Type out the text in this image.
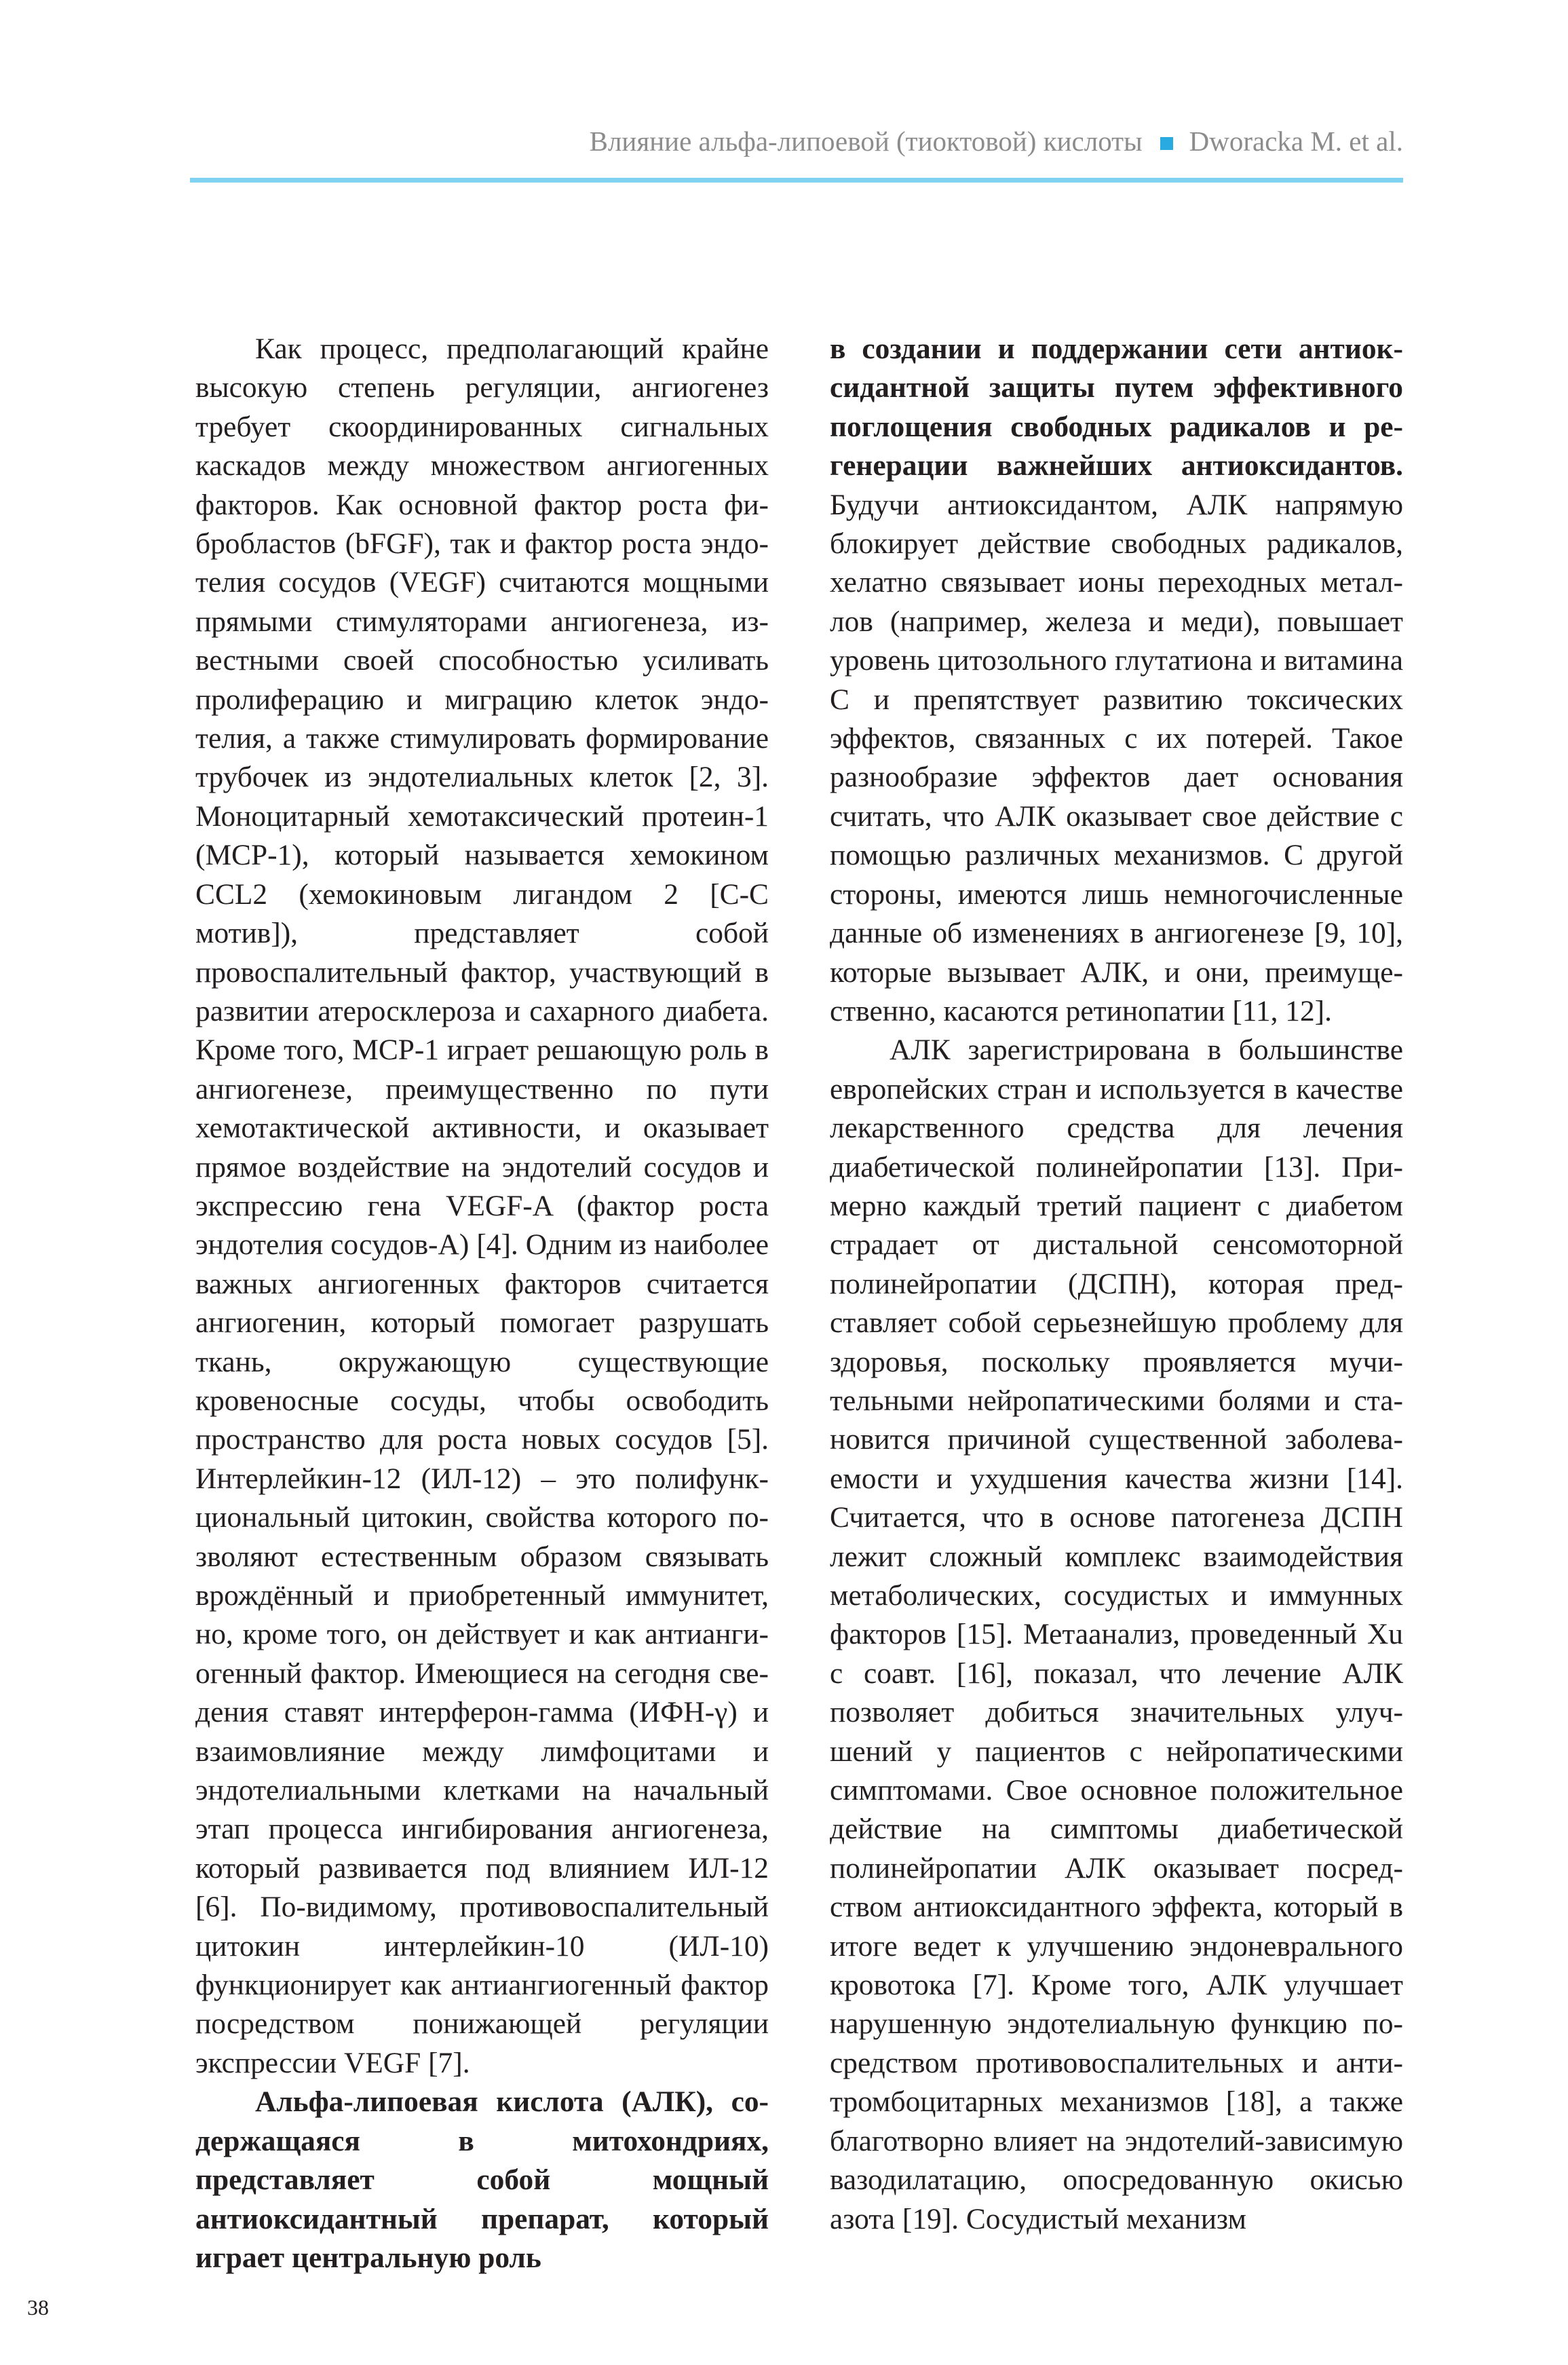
Влияние альфа-липоевой (тиоктовой) кислоты Dworacka M. et al.

Как процесс, предполагающий крайне высокую степень регуляции, ангиогенез требует скоординированных сигнальных каскадов между множеством ангиогенных факторов. Как основной фактор роста фибробластов (bFGF), так и фактор роста эндотелия сосудов (VEGF) считаются мощными прямыми стимуляторами ангиогенеза, известными своей способностью усиливать пролиферацию и миграцию клеток эндотелия, а также стимулировать формирование трубочек из эндотелиальных клеток [2, 3]. Моноцитарный хемотаксический протеин-1 (MCP-1), который называется хемокином CCL2 (хемокиновым лигандом 2 [C-C мотив]), представляет собой провоспалительный фактор, участвующий в развитии атеросклероза и сахарного диабета. Кроме того, MCP-1 играет решающую роль в ангиогенезе, преимущественно по пути хемотактической активности, и оказывает прямое воздействие на эндотелий сосудов и экспрессию гена VEGF-A (фактор роста эндотелия сосудов-A) [4]. Одним из наиболее важных ангиогенных факторов считается ангиогенин, который помогает разрушать ткань, окружающую существующие кровеносные сосуды, чтобы освободить пространство для роста новых сосудов [5]. Интерлейкин-12 (ИЛ-12) – это полифункциональный цитокин, свойства которого позволяют естественным образом связывать врождённый и приобретенный иммунитет, но, кроме того, он действует и как антиангиогенный фактор. Имеющиеся на сегодня сведения ставят интерферон-гамма (ИФН-γ) и взаимовлияние между лимфоцитами и эндотелиальными клетками на начальный этап процесса ингибирования ангиогенеза, который развивается под влиянием ИЛ-12 [6]. По-видимому, противовоспалительный цитокин интерлейкин-10 (ИЛ-10) функционирует как антиангиогенный фактор посредством понижающей регуляции экспрессии VEGF [7].

Альфа-липоевая кислота (АЛК), содержащаяся в митохондриях, представляет собой мощный антиоксидантный препарат, который играет центральную роль

в создании и поддержании сети антиоксидантной защиты путем эффективного поглощения свободных радикалов и регенерации важнейших антиоксидантов. Будучи антиоксидантом, АЛК напрямую блокирует действие свободных радикалов, хелатно связывает ионы переходных металлов (например, железа и меди), повышает уровень цитозольного глутатиона и витамина C и препятствует развитию токсических эффектов, связанных с их потерей. Такое разнообразие эффектов дает основания считать, что АЛК оказывает свое действие с помощью различных механизмов. С другой стороны, имеются лишь немногочисленные данные об изменениях в ангиогенезе [9, 10], которые вызывает АЛК, и они, преимущественно, касаются ретинопатии [11, 12].

АЛК зарегистрирована в большинстве европейских стран и используется в качестве лекарственного средства для лечения диабетической полинейропатии [13]. Примерно каждый третий пациент с диабетом страдает от дистальной сенсомоторной полинейропатии (ДСПН), которая представляет собой серьезнейшую проблему для здоровья, поскольку проявляется мучительными нейропатическими болями и становится причиной существенной заболеваемости и ухудшения качества жизни [14]. Считается, что в основе патогенеза ДСПН лежит сложный комплекс взаимодействия метаболических, сосудистых и иммунных факторов [15]. Метаанализ, проведенный Xu с соавт. [16], показал, что лечение АЛК позволяет добиться значительных улучшений у пациентов с нейропатическими симптомами. Свое основное положительное действие на симптомы диабетической полинейропатии АЛК оказывает посредством антиоксидантного эффекта, который в итоге ведет к улучшению эндоневрального кровотока [7]. Кроме того, АЛК улучшает нарушенную эндотелиальную функцию посредством противовоспалительных и антитромбоцитарных механизмов [18], а также благотворно влияет на эндотелий-зависимую вазодилатацию, опосредованную окисью азота [19]. Сосудистый механизм

38
